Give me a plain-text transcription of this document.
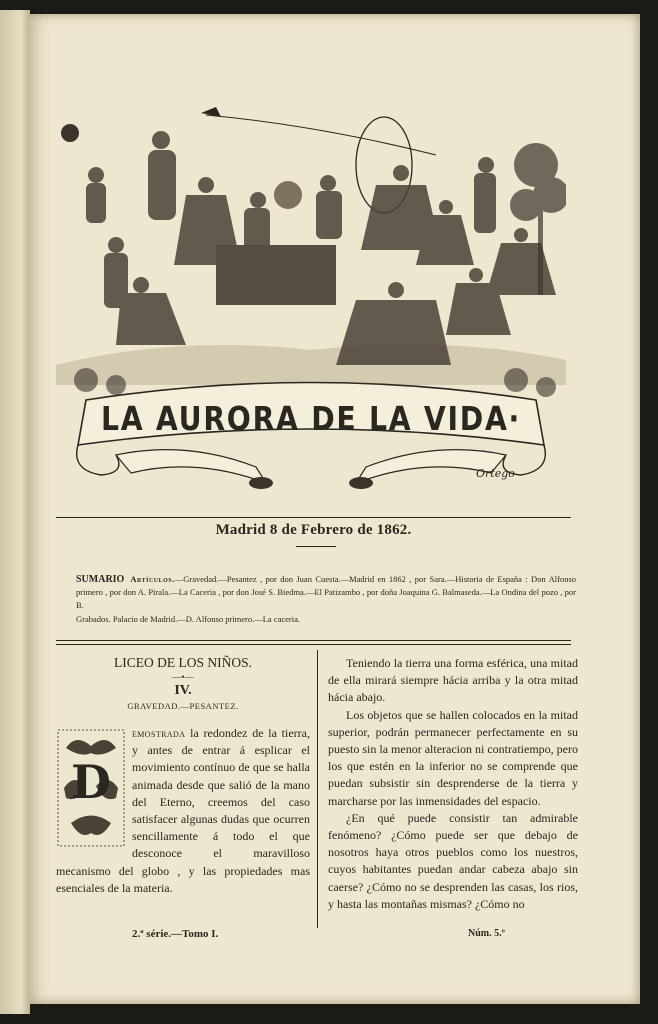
LA AURORA DE LA VIDA·
Ortego
Madrid 8 de Febrero de 1862.
SUMARIO Artículos.—Gravedad.—Pesantez , por don Juan Cuesta.—Madrid en 1862 , por Sara.—Historia de España : Don Alfonso primero , por don A. Pirala.—La Caceria , por don José S. Biedma.—El Patizambo , por doña Joaquina G. Balmaseda.—La Ondina del pozo , por B.
Grabados. Palacio de Madrid.—D. Alfonso primero.—La caceria.
LICEO DE LOS NIÑOS.
—•—
IV.
GRAVEDAD.—PESANTEZ.

D
emostrada la redondez de la tierra, y antes de entrar á esplicar el movimiento contínuo de que se halla animada desde que salió de la mano del Eterno, creemos del caso satisfacer algunas dudas que ocurren sencillamente á todo el que desconoce el maravilloso mecanismo del globo , y las propiedades mas esenciales de la materia.

Teniendo la tierra una forma esférica, una mitad de ella mirará siempre hácia arriba y la otra mitad hácia abajo.

Los objetos que se hallen colocados en la mitad superior, podrán permanecer perfectamente en su puesto sin la menor alteracion ni contratiempo, pero los que estén en la inferior no se comprende que puedan subsistir sin desprenderse de la tierra y marcharse por las inmensidades del espacio.

¿En qué puede consistir tan admirable fenómeno? ¿Cómo puede ser que debajo de nosotros haya otros pueblos como los nuestros, cuyos habitantes puedan andar cabeza abajo sin caerse? ¿Cómo no se desprenden las casas, los rios, y hasta las montañas mismas? ¿Cómo no

2.ª série.—Tomo I.	Núm. 5.º
